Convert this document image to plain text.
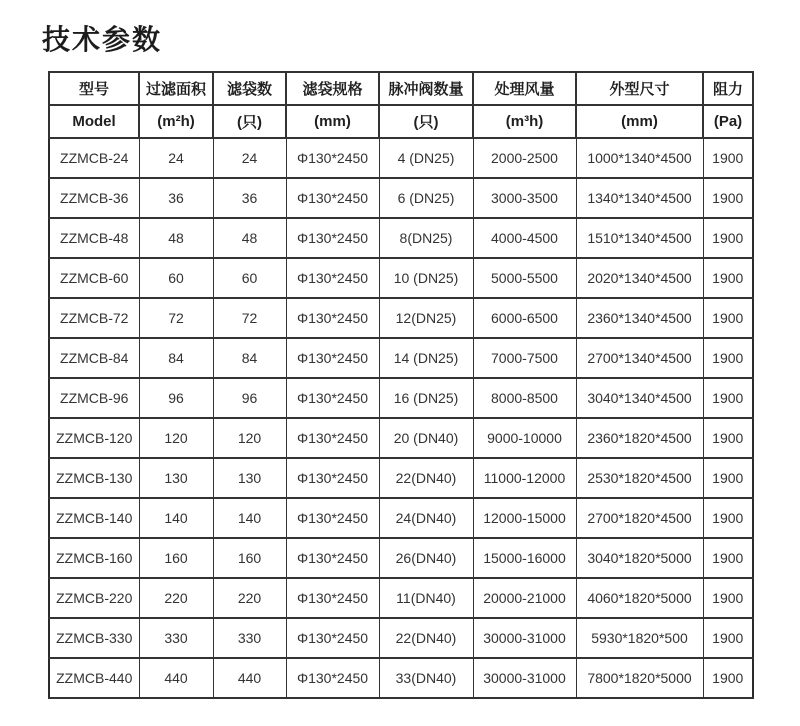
技术参数
型号	过滤面积	滤袋数	滤袋规格	脉冲阀数量	处理风量	外型尺寸	阻力
Model	(m²h)	(只)	(mm)	(只)	(m³h)	(mm)	(Pa)
ZZMCB-24	24	24	Φ130*2450	4 (DN25)	2000-2500	1000*1340*4500	1900
ZZMCB-36	36	36	Φ130*2450	6 (DN25)	3000-3500	1340*1340*4500	1900
ZZMCB-48	48	48	Φ130*2450	8(DN25)	4000-4500	1510*1340*4500	1900
ZZMCB-60	60	60	Φ130*2450	10 (DN25)	5000-5500	2020*1340*4500	1900
ZZMCB-72	72	72	Φ130*2450	12(DN25)	6000-6500	2360*1340*4500	1900
ZZMCB-84	84	84	Φ130*2450	14 (DN25)	7000-7500	2700*1340*4500	1900
ZZMCB-96	96	96	Φ130*2450	16 (DN25)	8000-8500	3040*1340*4500	1900
ZZMCB-120	120	120	Φ130*2450	20 (DN40)	9000-10000	2360*1820*4500	1900
ZZMCB-130	130	130	Φ130*2450	22(DN40)	11000-12000	2530*1820*4500	1900
ZZMCB-140	140	140	Φ130*2450	24(DN40)	12000-15000	2700*1820*4500	1900
ZZMCB-160	160	160	Φ130*2450	26(DN40)	15000-16000	3040*1820*5000	1900
ZZMCB-220	220	220	Φ130*2450	11(DN40)	20000-21000	4060*1820*5000	1900
ZZMCB-330	330	330	Φ130*2450	22(DN40)	30000-31000	5930*1820*500	1900
ZZMCB-440	440	440	Φ130*2450	33(DN40)	30000-31000	7800*1820*5000	1900
